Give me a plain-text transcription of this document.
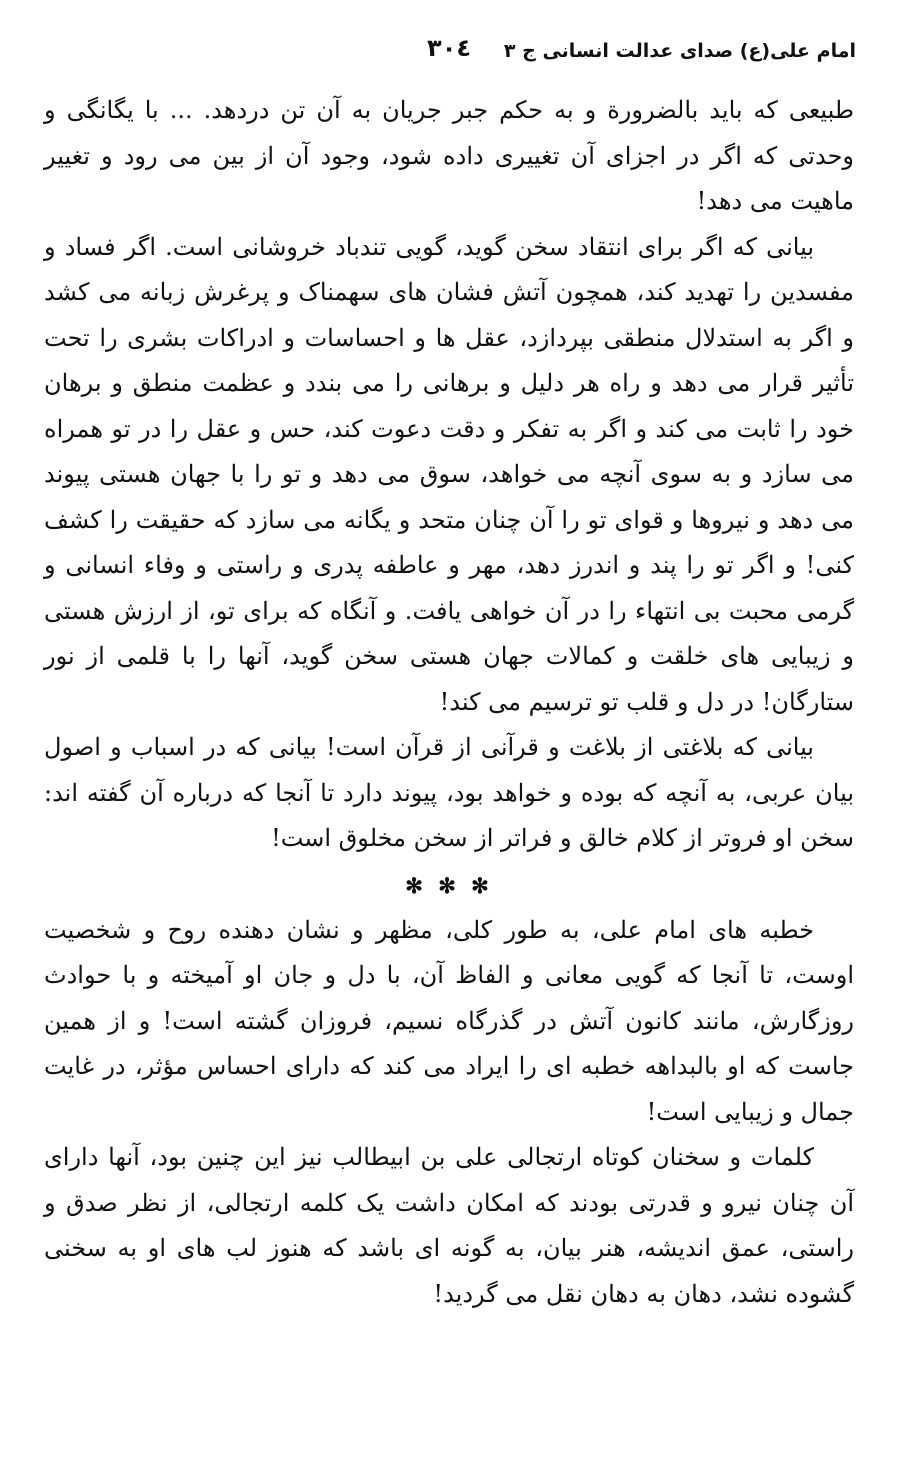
امام علی(ع) صدای عدالت انسانی ج ۳
۳۰٤

طبیعی که باید بالضرورة و به حکم جبر جریان به آن تن دردهد. ... با یگانگی و وحدتی که اگر در اجزای آن تغییری داده شود، وجود آن از بین می رود و تغییر ماهیت می دهد!

بیانی که اگر برای انتقاد سخن گوید، گویی تندباد خروشانی است. اگر فساد و مفسدین را تهدید کند، همچون آتش فشان های سهمناک و پرغرش زبانه می کشد و اگر به استدلال منطقی بپردازد، عقل ها و احساسات و ادراکات بشری را تحت تأثیر قرار می دهد و راه هر دلیل و برهانی را می بندد و عظمت منطق و برهان خود را ثابت می کند و اگر به تفکر و دقت دعوت کند، حس و عقل را در تو همراه می سازد و به سوی آنچه می خواهد، سوق می دهد و تو را با جهان هستی پیوند می دهد و نیروها و قوای تو را آن چنان متحد و یگانه می سازد که حقیقت را کشف کنی! و اگر تو را پند و اندرز دهد، مهر و عاطفه پدری و راستی و وفاء انسانی و گرمی محبت بی انتهاء را در آن خواهی یافت. و آنگاه که برای تو، از ارزش هستی و زیبایی های خلقت و کمالات جهان هستی سخن گوید، آنها را با قلمی از نور ستارگان! در دل و قلب تو ترسیم می کند!

بیانی که بلاغتی از بلاغت و قرآنی از قرآن است! بیانی که در اسباب و اصول بیان عربی، به آنچه که بوده و خواهد بود، پیوند دارد تا آنجا که درباره آن گفته اند: سخن او فروتر از کلام خالق و فراتر از سخن مخلوق است!

✻ ✻ ✻

خطبه های امام علی، به طور کلی، مظهر و نشان دهنده روح و شخصیت اوست، تا آنجا که گویی معانی و الفاظ آن، با دل و جان او آمیخته و با حوادث روزگارش، مانند کانون آتش در گذرگاه نسیم، فروزان گشته است! و از همین جاست که او بالبداهه خطبه ای را ایراد می کند که دارای احساس مؤثر، در غایت جمال و زیبایی است!

کلمات و سخنان کوتاه ارتجالی علی بن ابیطالب نیز این چنین بود، آنها دارای آن چنان نیرو و قدرتی بودند که امکان داشت یک کلمه ارتجالی، از نظر صدق و راستی، عمق اندیشه، هنر بیان، به گونه ای باشد که هنوز لب های او به سخنی گشوده نشد، دهان به دهان نقل می گردید!
